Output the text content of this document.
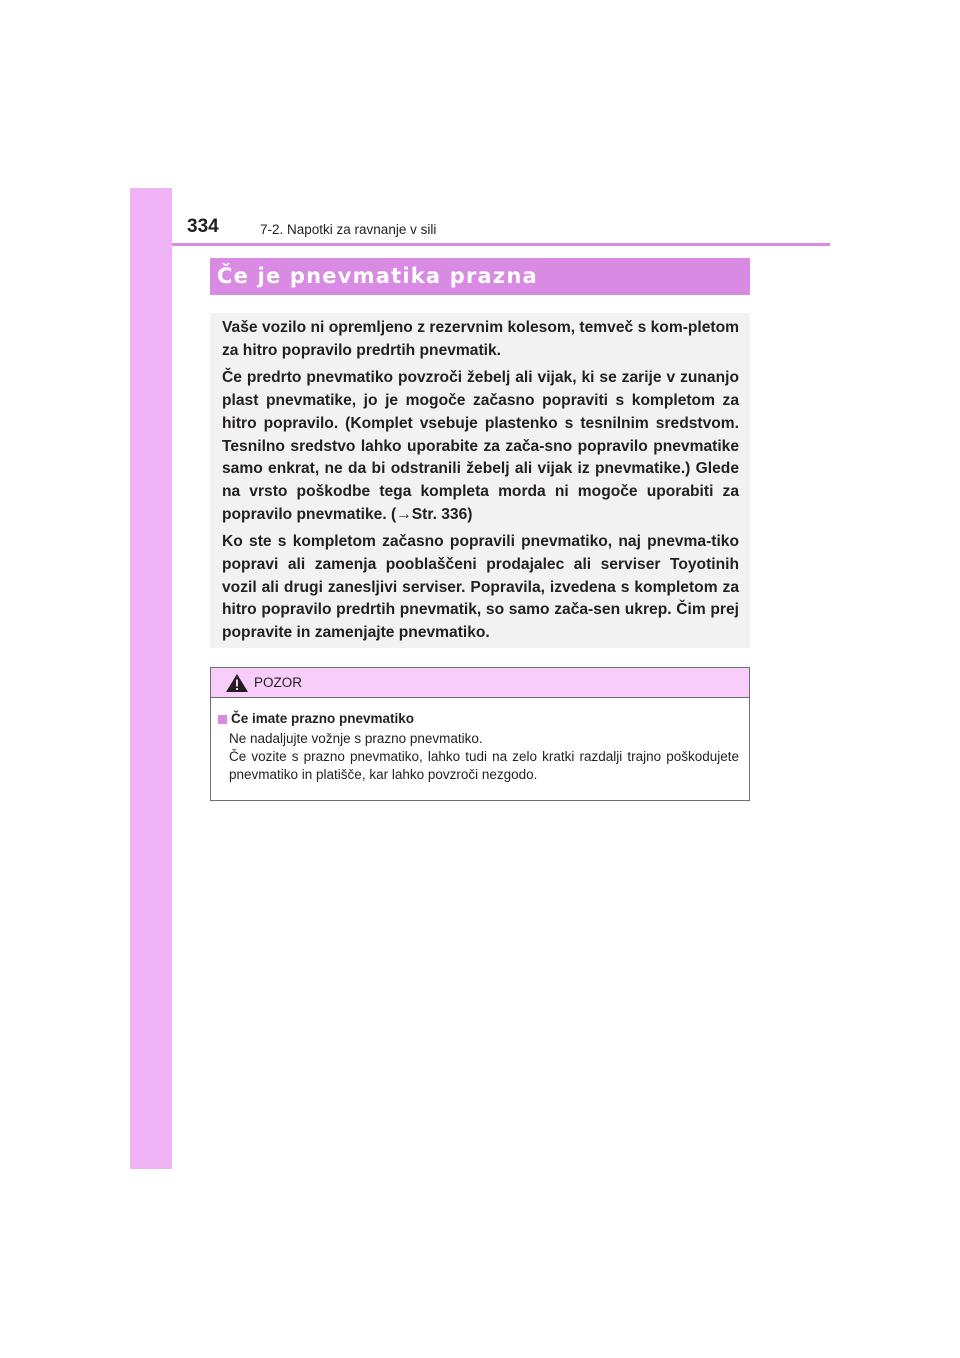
334	7-2. Napotki za ravnanje v sili
Če je pnevmatika prazna

Vaše vozilo ni opremljeno z rezervnim kolesom, temveč s kom-pletom za hitro popravilo predrtih pnevmatik.

Če predrto pnevmatiko povzroči žebelj ali vijak, ki se zarije v zunanjo plast pnevmatike, jo je mogoče začasno popraviti s kompletom za hitro popravilo. (Komplet vsebuje plastenko s tesnilnim sredstvom. Tesnilno sredstvo lahko uporabite za zača-sno popravilo pnevmatike samo enkrat, ne da bi odstranili žebelj ali vijak iz pnevmatike.) Glede na vrsto poškodbe tega kompleta morda ni mogoče uporabiti za popravilo pnevmatike. (→Str. 336)

Ko ste s kompletom začasno popravili pnevmatiko, naj pnevma-tiko popravi ali zamenja pooblaščeni prodajalec ali serviser Toyotinih vozil ali drugi zanesljivi serviser. Popravila, izvedena s kompletom za hitro popravilo predrtih pnevmatik, so samo zača-sen ukrep. Čim prej popravite in zamenjajte pnevmatiko.

POZOR
Če imate prazno pnevmatiko
Ne nadaljujte vožnje s prazno pnevmatiko.
Če vozite s prazno pnevmatiko, lahko tudi na zelo kratki razdalji trajno poškodujete pnevmatiko in platišče, kar lahko povzroči nezgodo.
